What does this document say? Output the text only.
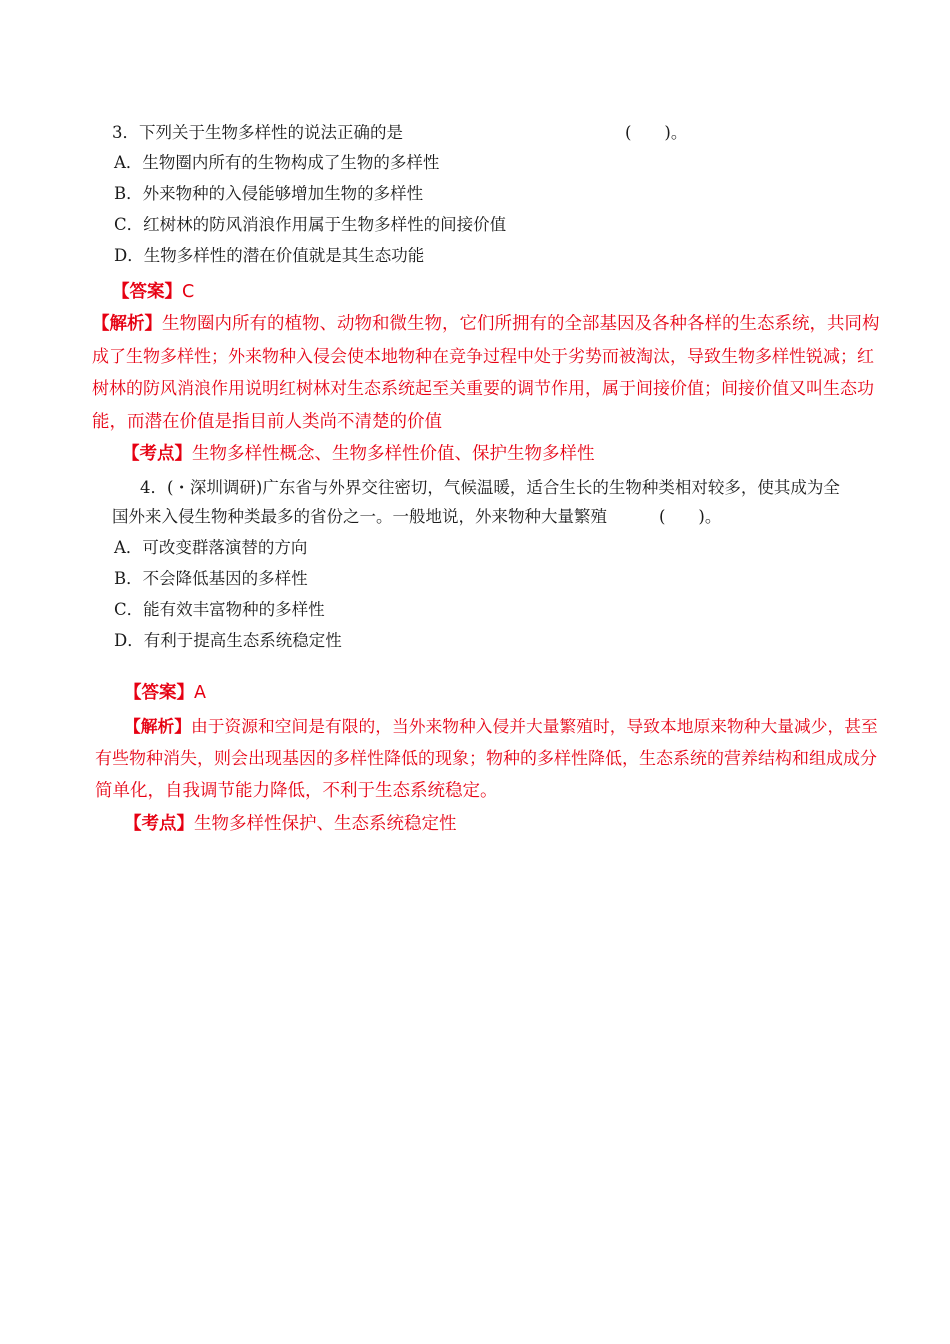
3．下列关于生物多样性的说法正确的是	(　　)。
A．生物圈内所有的生物构成了生物的多样性
B．外来物种的入侵能够增加生物的多样性
C．红树林的防风消浪作用属于生物多样性的间接价值
D．生物多样性的潜在价值就是其生态功能
【答案】C
【解析】生物圈内所有的植物、动物和微生物，它们所拥有的全部基因及各种各样的生态系统，共同构
成了生物多样性；外来物种入侵会使本地物种在竞争过程中处于劣势而被淘汰，导致生物多样性锐减；红
树林的防风消浪作用说明红树林对生态系统起至关重要的调节作用，属于间接价值；间接价值又叫生态功
能，而潜在价值是指目前人类尚不清楚的价值
【考点】生物多样性概念、生物多样性价值、保护生物多样性
4．(・深圳调研)广东省与外界交往密切，气候温暖，适合生长的生物种类相对较多，使其成为全
国外来入侵生物种类最多的省份之一。一般地说，外来物种大量繁殖	(　　)。
A．可改变群落演替的方向
B．不会降低基因的多样性
C．能有效丰富物种的多样性
D．有利于提高生态系统稳定性
【答案】A
【解析】由于资源和空间是有限的，当外来物种入侵并大量繁殖时，导致本地原来物种大量减少，甚至
有些物种消失，则会出现基因的多样性降低的现象；物种的多样性降低，生态系统的营养结构和组成成分
简单化，自我调节能力降低，不利于生态系统稳定。
【考点】生物多样性保护、生态系统稳定性
